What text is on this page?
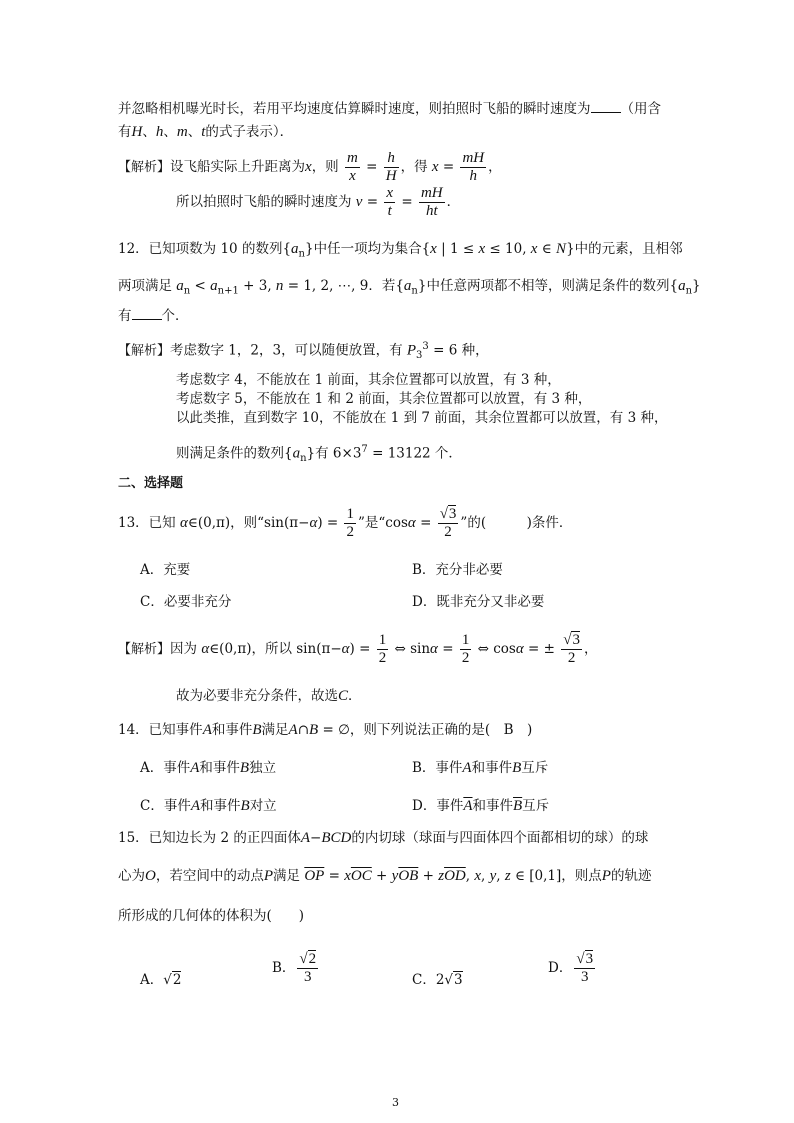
并忽略相机曝光时长，若用平均速度估算瞬时速度，则拍照时飞船的瞬时速度为 （用含
有H、h、m、t的式子表示）．
【解析】设飞船实际上升距离为x，则 $\frac{m}{x} = \frac{h}{H}$ ，得 $x = \frac{mH}{h}$ ，
所以拍照时飞船的瞬时速度为 $v = \frac{x}{t} = \frac{mH}{ht}$ ．
12．已知项数为 10 的数列$\{a_n\}$中任一项均为集合{x | 1 ≤ x ≤ 10, x ∈ N}中的元素，且相邻
两项满足 $a_n < a_{n+1} + 3$, n = 1, 2, ⋯, 9．若$\{a_n\}$中任意两项都不相等，则满足条件的数列$\{a_n\}$
有 个．
【解析】考虑数字 1，2，3，可以随便放置，有 $P_3^3 = 6$ 种，
考虑数字 4，不能放在 1 前面，其余位置都可以放置，有 3 种，
考虑数字 5，不能放在 1 和 2 前面，其余位置都可以放置，有 3 种，
以此类推，直到数字 10，不能放在 1 到 7 前面，其余位置都可以放置，有 3 种，
则满足条件的数列$\{a_n\}$有 $6\times 3^7 = 13122$ 个．
二、选择题
13．已知 α∈(0,π)，则“$\sin(\pi-\alpha) = \frac{1}{2}$ ”是“$\cos\alpha = \frac{√3}{2}$ ”的(　　　)条件．
A．充要	B．充分非必要
C．必要非充分	D．既非充分又非必要
【解析】因为 α∈(0,π)，所以 $\sin(\pi-\alpha) = \frac{1}{2}$ ⇔ $\sin\alpha = \frac{1}{2}$ ⇔ cosα = ± $\frac{√3}{2}$ ，
故为必要非充分条件，故选C．
14．已知事件A和事件B满足A∩B = ∅，则下列说法正确的是(　B　)
A．事件A和事件B独立	B．事件A和事件B互斥
C．事件A和事件B对立	D．事件$\overline{A}$和事件$\overline{B}$互斥
15．已知边长为 2 的正四面体A−BCD的内切球（球面与四面体四个面都相切的球）的球
心为O，若空间中的动点P满足 $\overline{OP} = x\overline{OC} + y\overline{OB} + z\overline{OD}$, x, y, z ∈ [0,1]，则点P的轨迹
所形成的几何体的体积为(　　)
A．√2
B． $\frac{√2}{3}$	C．2√3
D． $\frac{√3}{3}$
3
